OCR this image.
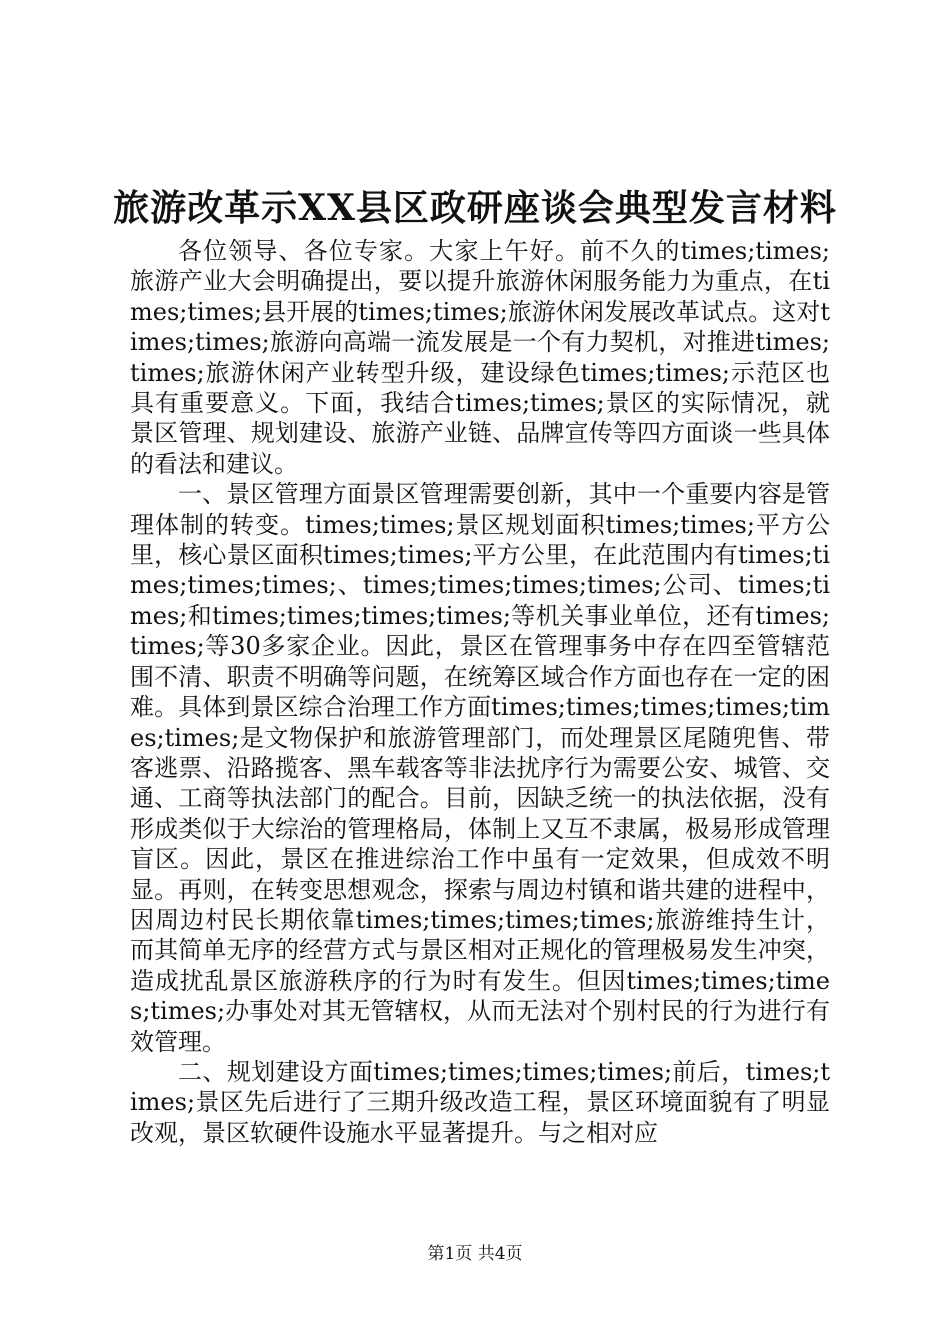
旅游改革示XX县区政研座谈会典型发言材料

各位领导、各位专家。大家上午好。前不久的times;times;旅游产业大会明确提出，要以提升旅游休闲服务能力为重点，在times;times;县开展的times;times;旅游休闲发展改革试点。这对times;times;旅游向高端一流发展是一个有力契机，对推进times;times;旅游休闲产业转型升级，建设绿色times;times;示范区也具有重要意义。下面，我结合times;times;景区的实际情况，就景区管理、规划建设、旅游产业链、品牌宣传等四方面谈一些具体的看法和建议。

一、景区管理方面景区管理需要创新，其中一个重要内容是管理体制的转变。times;times;景区规划面积times;times;平方公里，核心景区面积times;times;平方公里，在此范围内有times;times;times;times;、times;times;times;times;公司、times;times;和times;times;times;times;等机关事业单位，还有times;times;等30多家企业。因此，景区在管理事务中存在四至管辖范围不清、职责不明确等问题，在统筹区域合作方面也存在一定的困难。具体到景区综合治理工作方面times;times;times;times;times;times;是文物保护和旅游管理部门，而处理景区尾随兜售、带客逃票、沿路揽客、黑车载客等非法扰序行为需要公安、城管、交通、工商等执法部门的配合。目前，因缺乏统一的执法依据，没有形成类似于大综治的管理格局，体制上又互不隶属，极易形成管理盲区。因此，景区在推进综治工作中虽有一定效果，但成效不明显。再则，在转变思想观念，探索与周边村镇和谐共建的进程中，因周边村民长期依靠times;times;times;times;旅游维持生计，而其简单无序的经营方式与景区相对正规化的管理极易发生冲突，造成扰乱景区旅游秩序的行为时有发生。但因times;times;times;times;办事处对其无管辖权，从而无法对个别村民的行为进行有效管理。

二、规划建设方面times;times;times;times;前后，times;times;景区先后进行了三期升级改造工程，景区环境面貌有了明显改观，景区软硬件设施水平显著提升。与之相对应

第1页 共4页
